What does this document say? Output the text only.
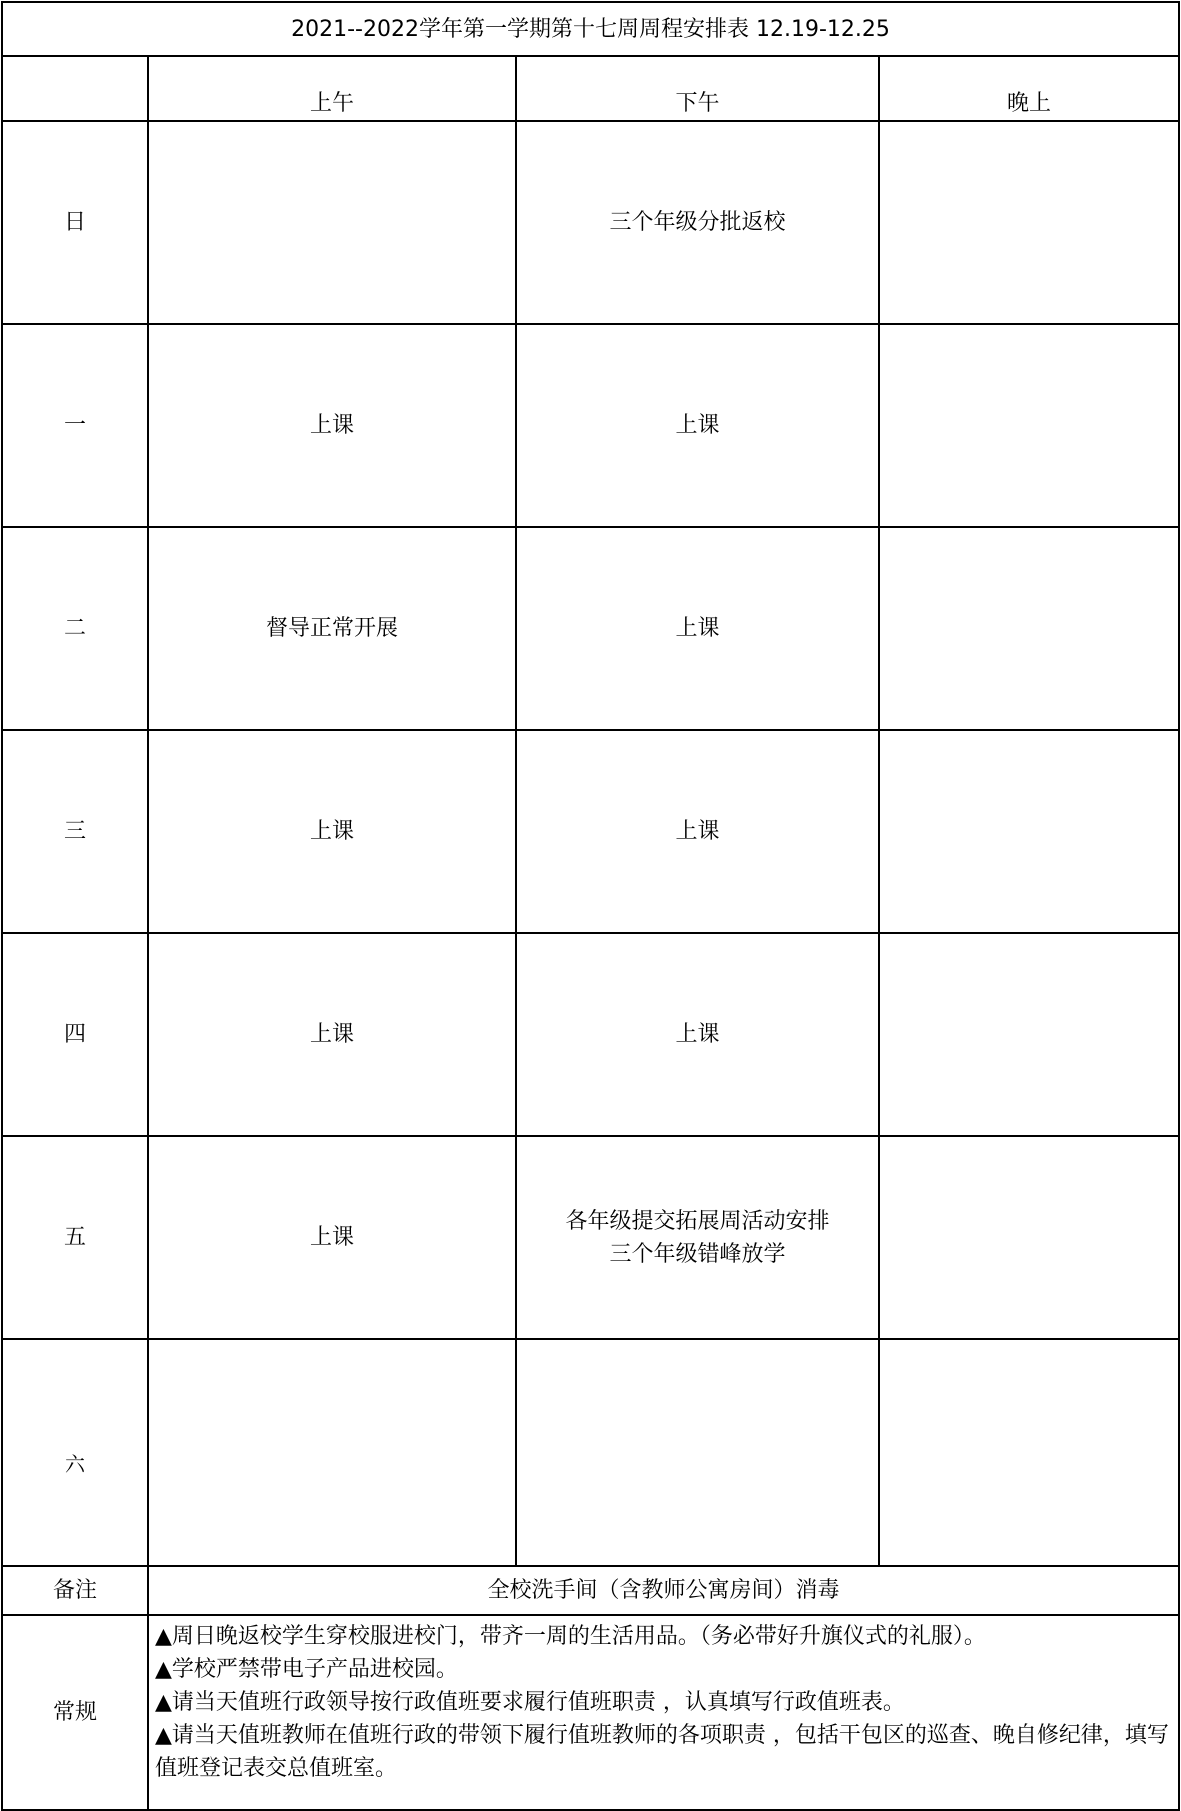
2021--2022学年第一学期第十七周周程安排表 12.19-12.25			
	上午	下午	晚上
日		三个年级分批返校	

一	上课	上课	

二	督导正常开展	上课	

三	上课	上课	

四	上课	上课	

五	上课	各年级提交拓展周活动安排
三个年级错峰放学	

六			
备注	全校洗手间（含教师公寓房间）消毒		
常规	▲周日晚返校学生穿校服进校门，带齐一周的生活用品。（务必带好升旗仪式的礼服）。
▲学校严禁带电子产品进校园。
▲请当天值班行政领导按行政值班要求履行值班职责 ，认真填写行政值班表。
▲请当天值班教师在值班行政的带领下履行值班教师的各项职责 ，包括干包区的巡查、晚自修纪律，填写值班登记表交总值班室。		
